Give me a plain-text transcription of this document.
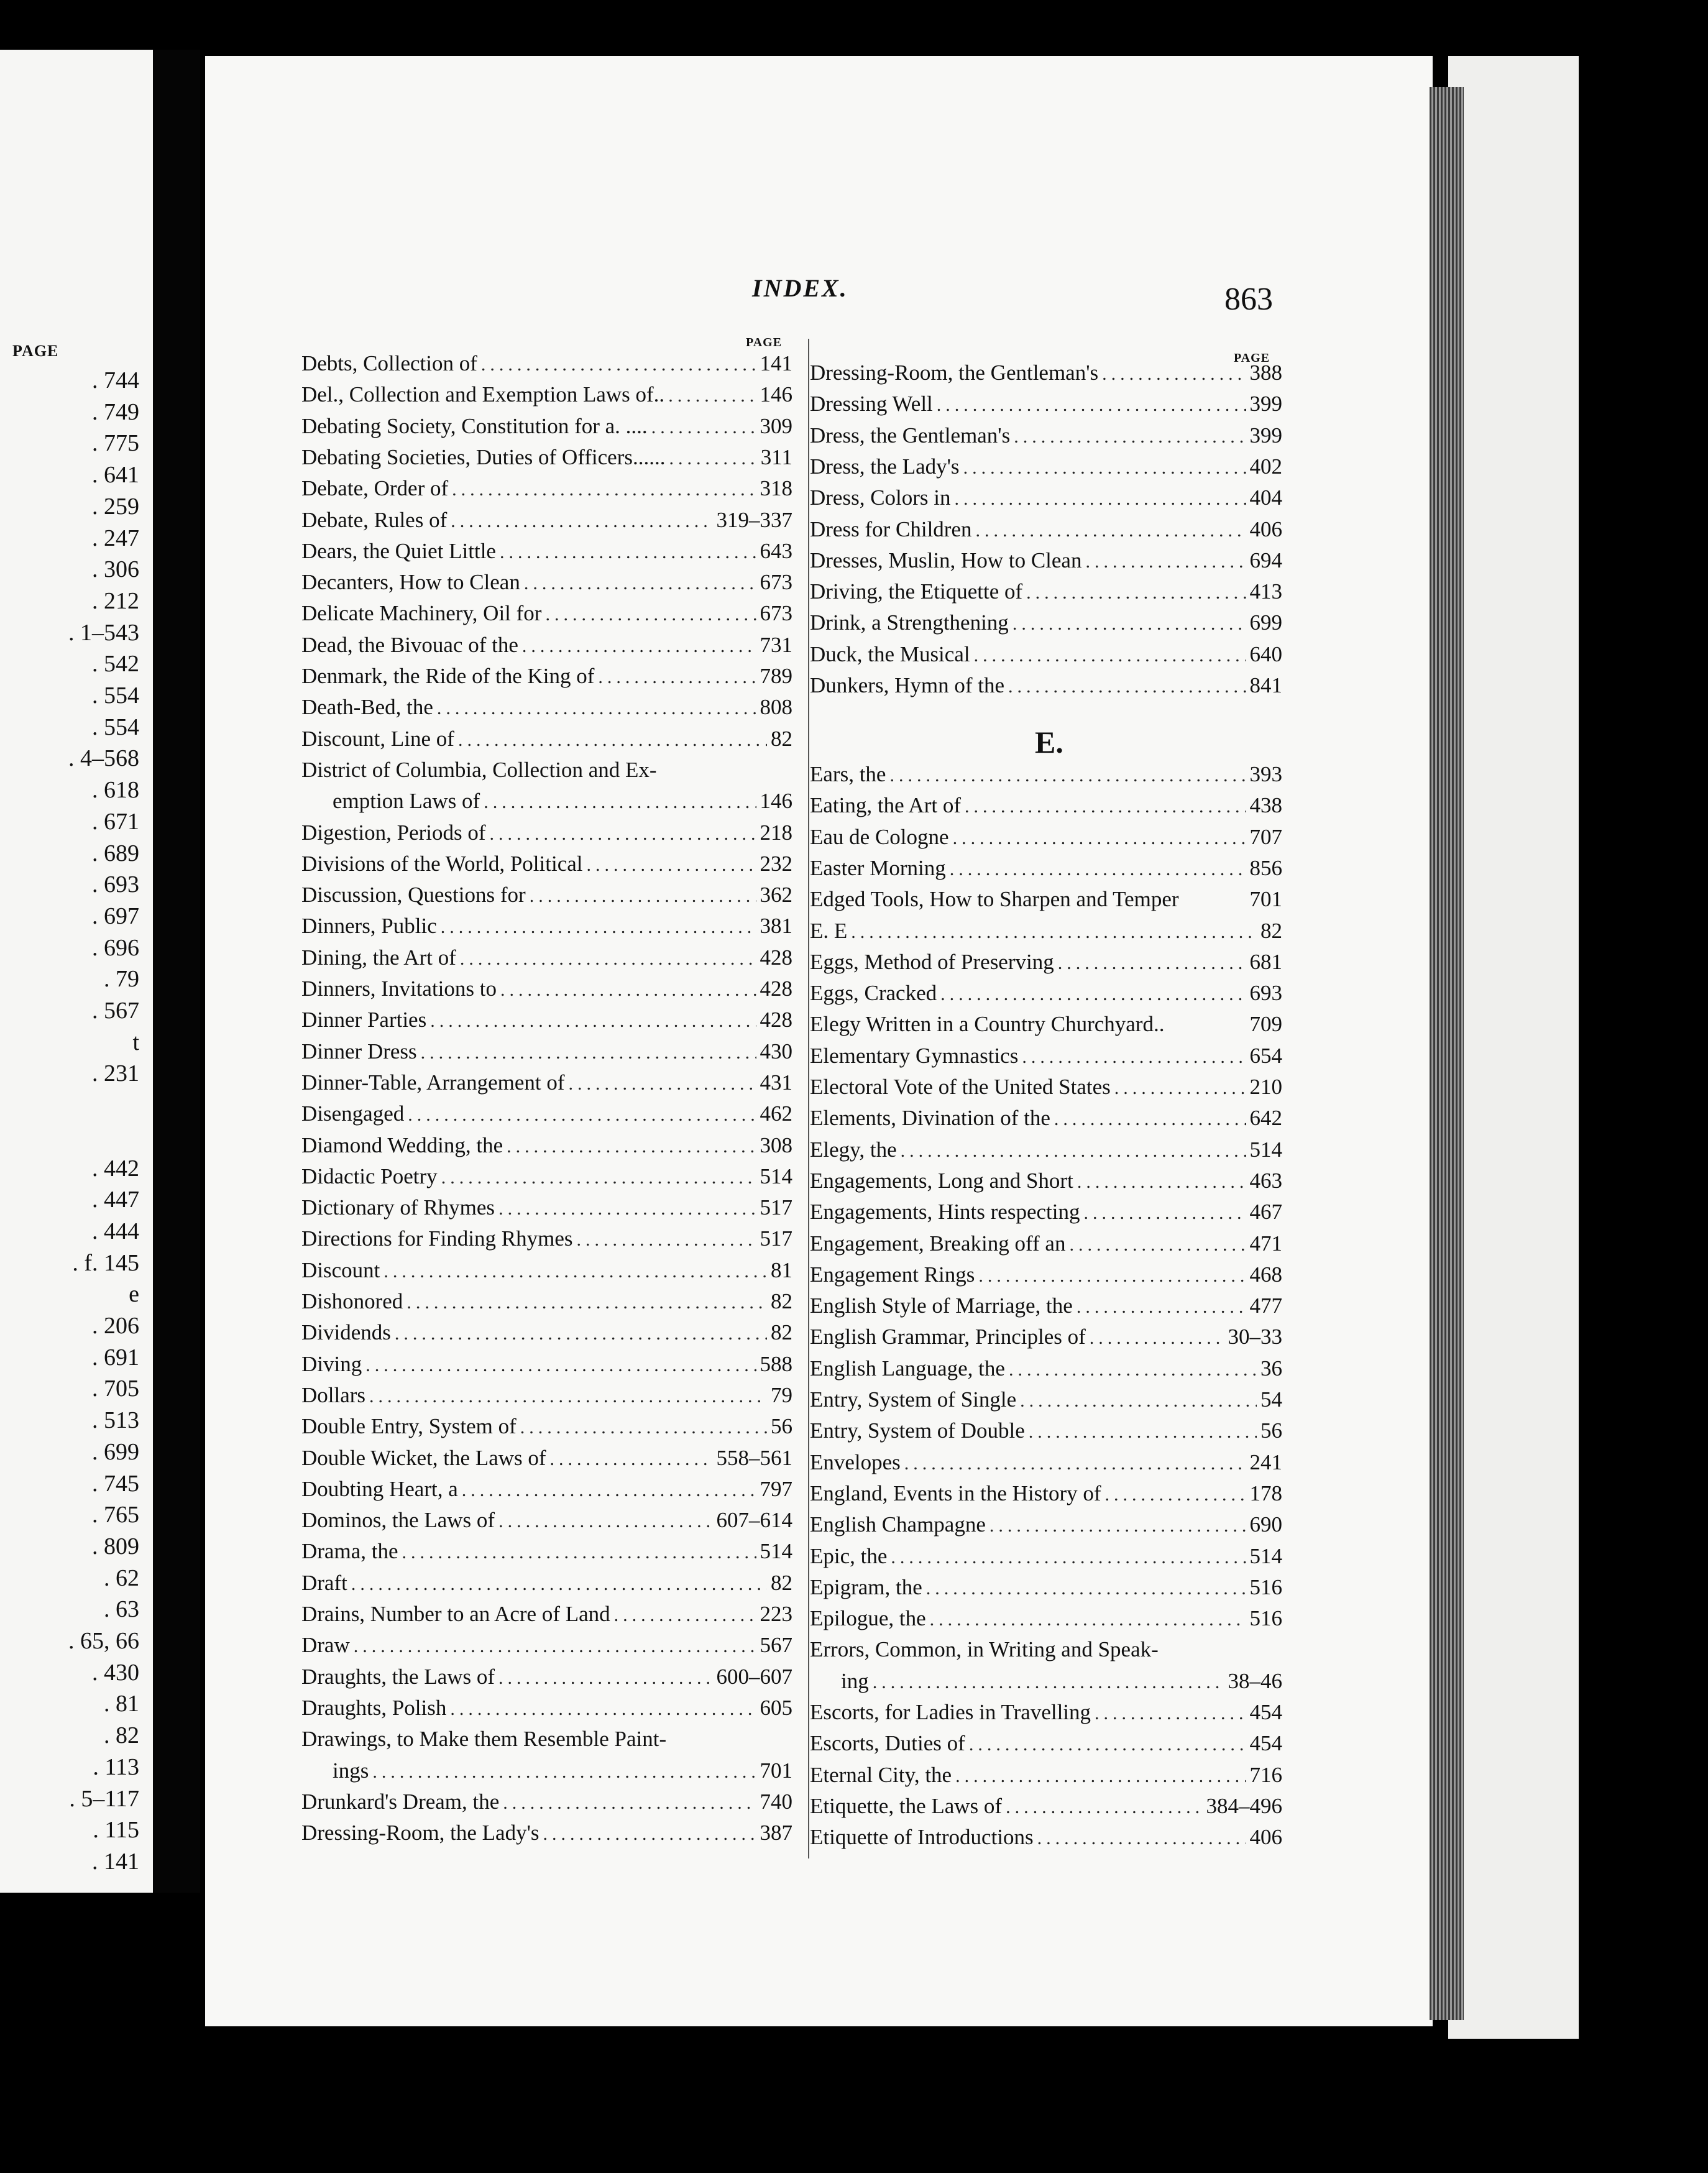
PAGE
. 744
. 749
. 775
. 641
. 259
. 247
. 306
. 212
. 1–543
. 542
. 554
. 554
. 4–568
. 618
. 671
. 689
. 693
. 697
. 696
. 79
. 567
t
. 231
. 442
. 447
. 444
. f. 145
e
. 206
. 691
. 705
. 513
. 699
. 745
. 765
. 809
. 62
. 63
. 65, 66
. 430
. 81
. 82
. 113
. 5–117
. 115
. 141
INDEX.	863
PAGE
PAGE
Debts, Collection of .....	141
Del., Collection and Exemption Laws of.. .....	146
Debating Society, Constitution for a. .... .....	309
Debating Societies, Duties of Officers...... .....	311
Debate, Order of .....	318
Debate, Rules of .....	319–337
Dears, the Quiet Little .....	643
Decanters, How to Clean .....	673
Delicate Machinery, Oil for .....	673
Dead, the Bivouac of the .....	731
Denmark, the Ride of the King of .....	789
Death-Bed, the .....	808
Discount, Line of .....	82
District of Columbia, Collection and Ex-
emption Laws of .....	146
Digestion, Periods of .....	218
Divisions of the World, Political .....	232
Discussion, Questions for .....	362
Dinners, Public .....	381
Dining, the Art of .....	428
Dinners, Invitations to .....	428
Dinner Parties .....	428
Dinner Dress .....	430
Dinner-Table, Arrangement of .....	431
Disengaged .....	462
Diamond Wedding, the .....	308
Didactic Poetry .....	514
Dictionary of Rhymes .....	517
Directions for Finding Rhymes .....	517
Discount .....	81
Dishonored .....	82
Dividends .....	82
Diving .....	588
Dollars .....	79
Double Entry, System of .....	56
Double Wicket, the Laws of .....	558–561
Doubting Heart, a .....	797
Dominos, the Laws of .....	607–614
Drama, the .....	514
Draft .....	82
Drains, Number to an Acre of Land .....	223
Draw .....	567
Draughts, the Laws of .....	600–607
Draughts, Polish .....	605
Drawings, to Make them Resemble Paint-
ings .....	701
Drunkard's Dream, the .....	740
Dressing-Room, the Lady's .....	387
Dressing-Room, the Gentleman's .....	388
Dressing Well .....	399
Dress, the Gentleman's .....	399
Dress, the Lady's .....	402
Dress, Colors in .....	404
Dress for Children .....	406
Dresses, Muslin, How to Clean .....	694
Driving, the Etiquette of .....	413
Drink, a Strengthening .....	699
Duck, the Musical .....	640
Dunkers, Hymn of the .....	841
Ears, the .....	393
Eating, the Art of .....	438
Eau de Cologne .....	707
Easter Morning .....	856
Edged Tools, How to Sharpen and Temper	701
E. E .....	82
Eggs, Method of Preserving .....	681
Eggs, Cracked .....	693
Elegy Written in a Country Churchyard..	709
Elementary Gymnastics .....	654
Electoral Vote of the United States .....	210
Elements, Divination of the .....	642
Elegy, the .....	514
Engagements, Long and Short .....	463
Engagements, Hints respecting .....	467
Engagement, Breaking off an .....	471
Engagement Rings .....	468
English Style of Marriage, the .....	477
English Grammar, Principles of .....	30–33
English Language, the .....	36
Entry, System of Single .....	54
Entry, System of Double .....	56
Envelopes .....	241
England, Events in the History of .....	178
English Champagne .....	690
Epic, the .....	514
Epigram, the .....	516
Epilogue, the .....	516
Errors, Common, in Writing and Speak-
ing .....	38–46
Escorts, for Ladies in Travelling .....	454
Escorts, Duties of .....	454
Eternal City, the .....	716
Etiquette, the Laws of .....	384–496
Etiquette of Introductions .....	406
E.
